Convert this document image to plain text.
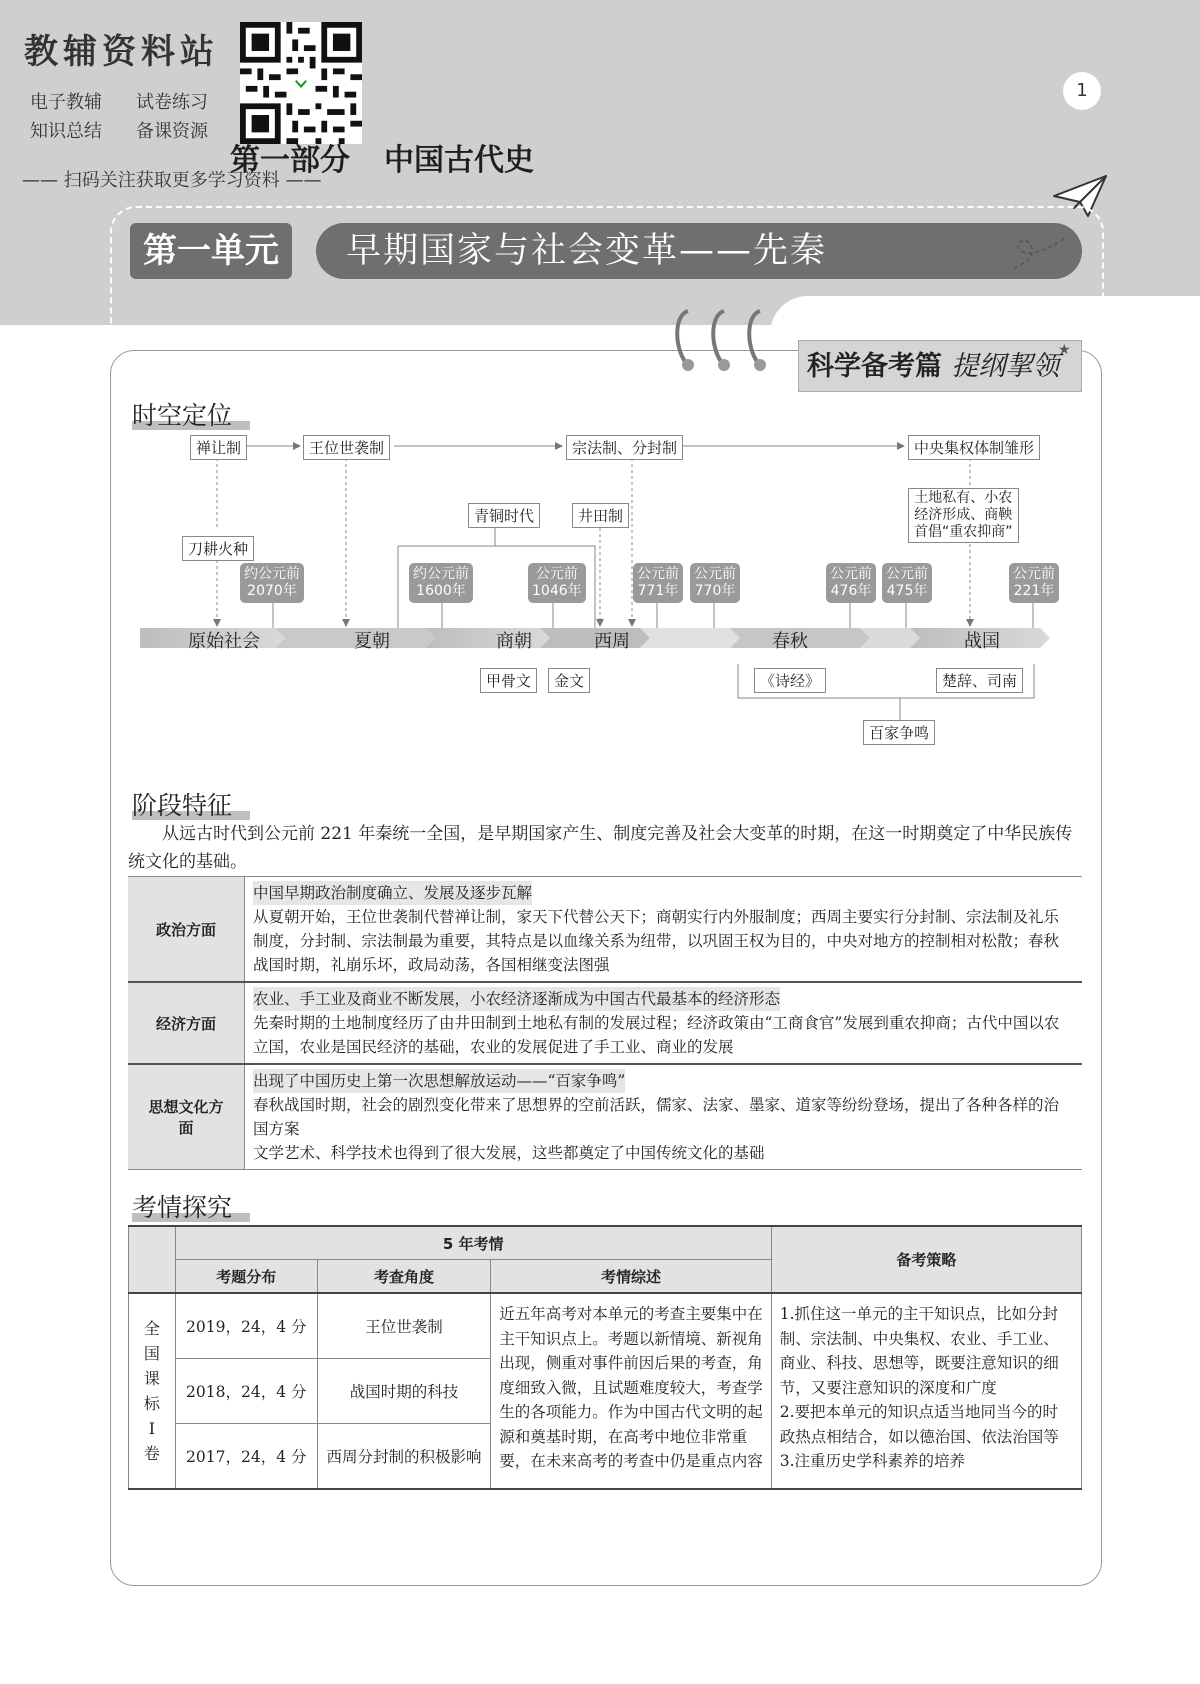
教辅资料站
电子教辅 试卷练习
知识总结 备课资源
—— 扫码关注获取更多学习资料 ——
第一部分 中国古代史
1
第一单元	早期国家与社会变革——先秦
科学备考篇 提纲挈领
★
时空定位
禅让制	王位世袭制	宗法制、分封制	中央集权体制雏形
刀耕火种
青铜时代	井田制
土地私有、小农
经济形成、商鞅
首倡“重农抑商”
约公元前
2070年
约公元前
1600年
公元前
1046年
公元前
771年
公元前
770年
公元前
476年
公元前
475年
公元前
221年
原始社会	夏朝	商朝	西周	春秋	战国
甲骨文	金文	《诗经》	楚辞、司南
百家争鸣
阶段特征
从远古时代到公元前 221 年秦统一全国，是早期国家产生、制度完善及社会大变革的时期，在这一时期奠定了中华民族传统文化的基础。
政治方面	中国早期政治制度确立、发展及逐步瓦解
从夏朝开始，王位世袭制代替禅让制，家天下代替公天下；商朝实行内外服制度；西周主要实行分封制、宗法制及礼乐制度，分封制、宗法制最为重要，其特点是以血缘关系为纽带，以巩固王权为目的，中央对地方的控制相对松散；春秋战国时期，礼崩乐坏，政局动荡，各国相继变法图强

经济方面	农业、手工业及商业不断发展，小农经济逐渐成为中国古代最基本的经济形态
先秦时期的土地制度经历了由井田制到土地私有制的发展过程；经济政策由“工商食官”发展到重农抑商；古代中国以农立国，农业是国民经济的基础，农业的发展促进了手工业、商业的发展

思想文化方面	出现了中国历史上第一次思想解放运动——“百家争鸣”
春秋战国时期，社会的剧烈变化带来了思想界的空前活跃，儒家、法家、墨家、道家等纷纷登场，提出了各种各样的治国方案
文学艺术、科学技术也得到了很大发展，这些都奠定了中国传统文化的基础
考情探究
	5 年考情			备考策略
	考题分布	考查角度	考情综述	

全国课标Ⅰ卷	2019，24，4 分	王位世袭制	近五年高考对本单元的考查主要集中在主干知识点上。考题以新情境、新视角出现，侧重对事件前因后果的考查，角度细致入微，且试题难度较大，考查学生的各项能力。作为中国古代文明的起源和奠基时期，在高考中地位非常重要，在未来高考的考查中仍是重点内容	1.抓住这一单元的主干知识点，比如分封制、宗法制、中央集权、农业、手工业、商业、科技、思想等，既要注意知识的细节，又要注意知识的深度和广度
2.要把本单元的知识点适当地同当今的时政热点相结合，如以德治国、依法治国等
3.注重历史学科素养的培养
	2018，24，4 分	战国时期的科技		
	2017，24，4 分	西周分封制的积极影响		
